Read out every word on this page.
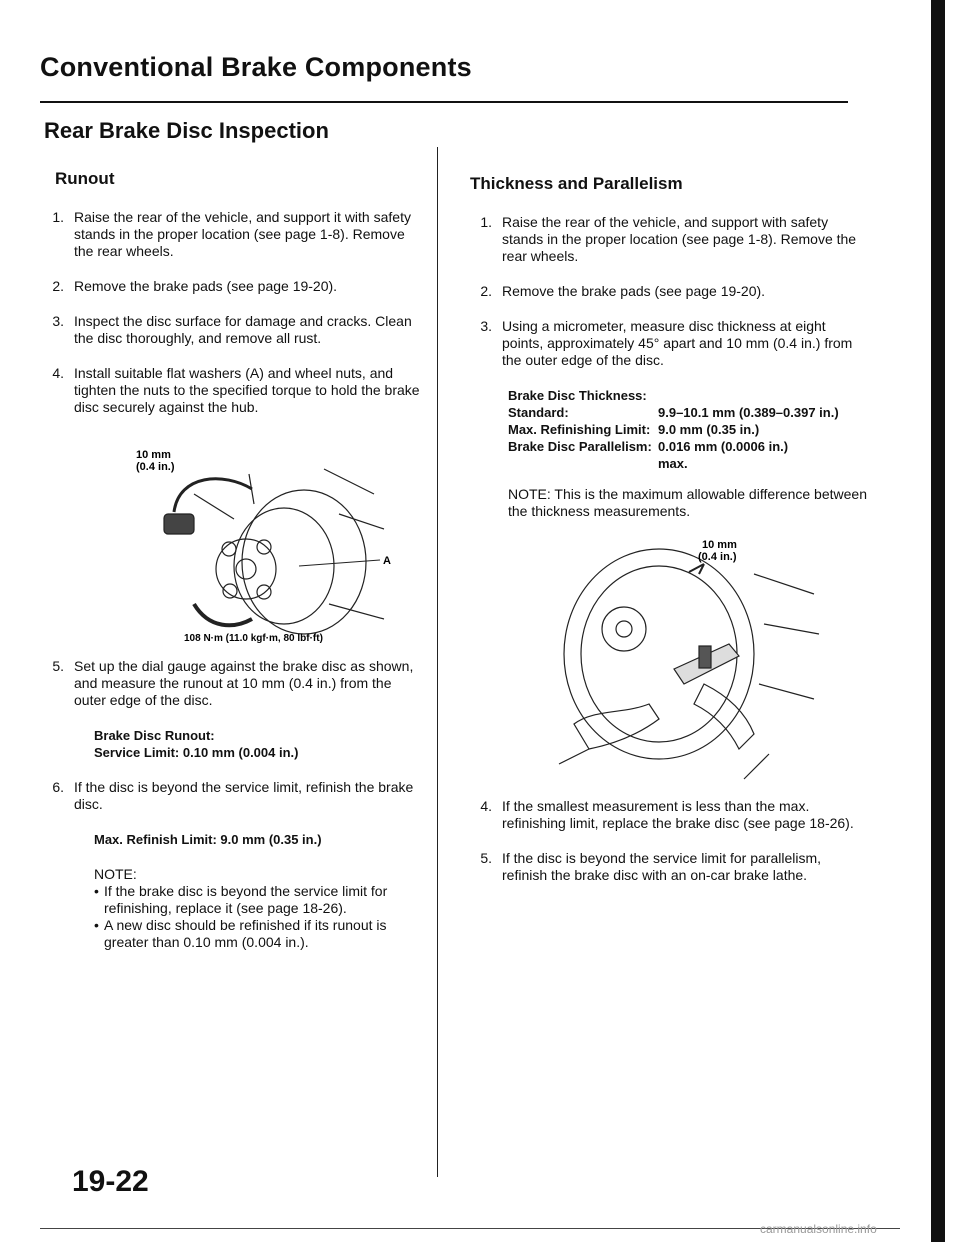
Conventional Brake Components
Rear Brake Disc Inspection
Runout
1. Raise the rear of the vehicle, and support it with safety stands in the proper location (see page 1-8). Remove the rear wheels.
2. Remove the brake pads (see page 19-20).
3. Inspect the disc surface for damage and cracks. Clean the disc thoroughly, and remove all rust.
4. Install suitable flat washers (A) and wheel nuts, and tighten the nuts to the specified torque to hold the brake disc securely against the hub.
10 mm
(0.4 in.)
A
108 N·m (11.0 kgf·m, 80 lbf·ft)
5. Set up the dial gauge against the brake disc as shown, and measure the runout at 10 mm (0.4 in.) from the outer edge of the disc.
Brake Disc Runout:
Service Limit: 0.10 mm (0.004 in.)
6. If the disc is beyond the service limit, refinish the brake disc.
Max. Refinish Limit: 9.0 mm (0.35 in.)
NOTE:
• If the brake disc is beyond the service limit for refinishing, replace it (see page 18-26).
• A new disc should be refinished if its runout is greater than 0.10 mm (0.004 in.).
Thickness and Parallelism
1. Raise the rear of the vehicle, and support with safety stands in the proper location (see page 1-8). Remove the rear wheels.
2. Remove the brake pads (see page 19-20).
3. Using a micrometer, measure disc thickness at eight points, approximately 45° apart and 10 mm (0.4 in.) from the outer edge of the disc.
Brake Disc Thickness:
Standard:	9.9–10.1 mm (0.389–0.397 in.)
Max. Refinishing Limit: 9.0 mm (0.35 in.)
Brake Disc Parallelism: 0.016 mm (0.0006 in.)
max.
NOTE: This is the maximum allowable difference between the thickness measurements.
10 mm
(0.4 in.)
4. If the smallest measurement is less than the max. refinishing limit, replace the brake disc (see page 18-26).
5. If the disc is beyond the service limit for parallelism, refinish the brake disc with an on-car brake lathe.
19-22
carmanualsonline.info
